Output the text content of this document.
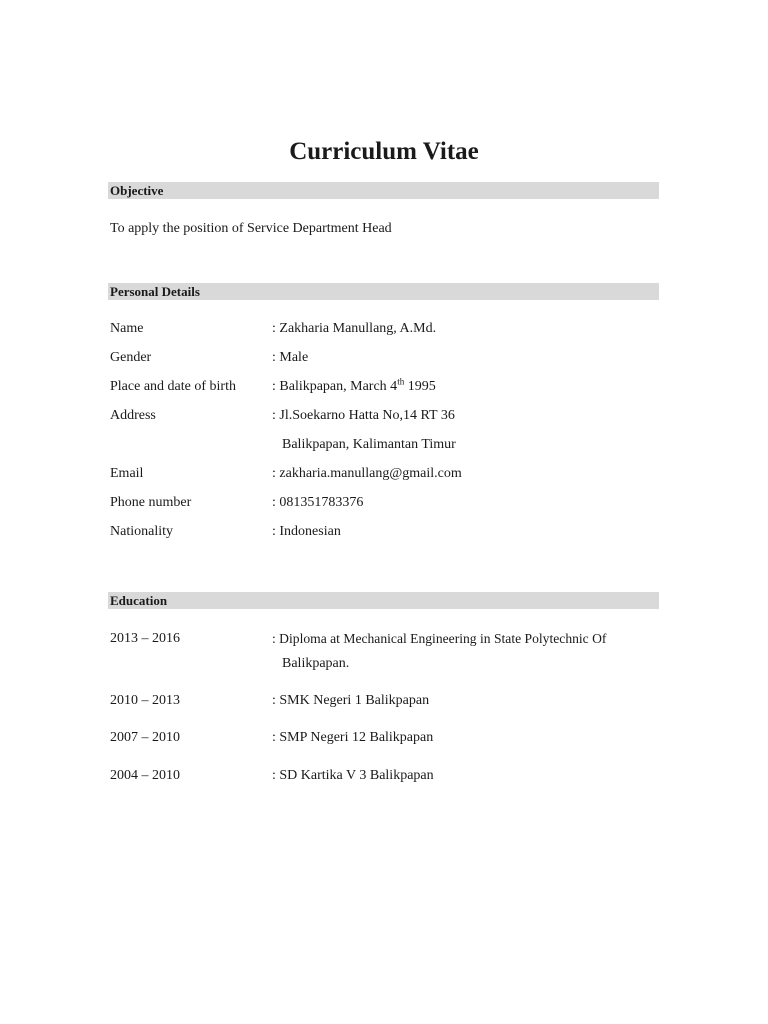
Curriculum Vitae
Objective
To apply the position of Service Department Head
Personal Details
Name	: Zakharia Manullang, A.Md.
Gender	: Male
Place and date of birth	: Balikpapan, March 4th 1995
Address	: Jl.Soekarno Hatta No,14 RT 36
Balikpapan, Kalimantan Timur
Email	: zakharia.manullang@gmail.com
Phone number	: 081351783376
Nationality	: Indonesian
Education
2013 – 2016	: Diploma at Mechanical Engineering in State Polytechnic Of
Balikpapan.
2010 – 2013	: SMK Negeri 1 Balikpapan
2007 – 2010	: SMP Negeri 12 Balikpapan
2004 – 2010	: SD Kartika V 3 Balikpapan
